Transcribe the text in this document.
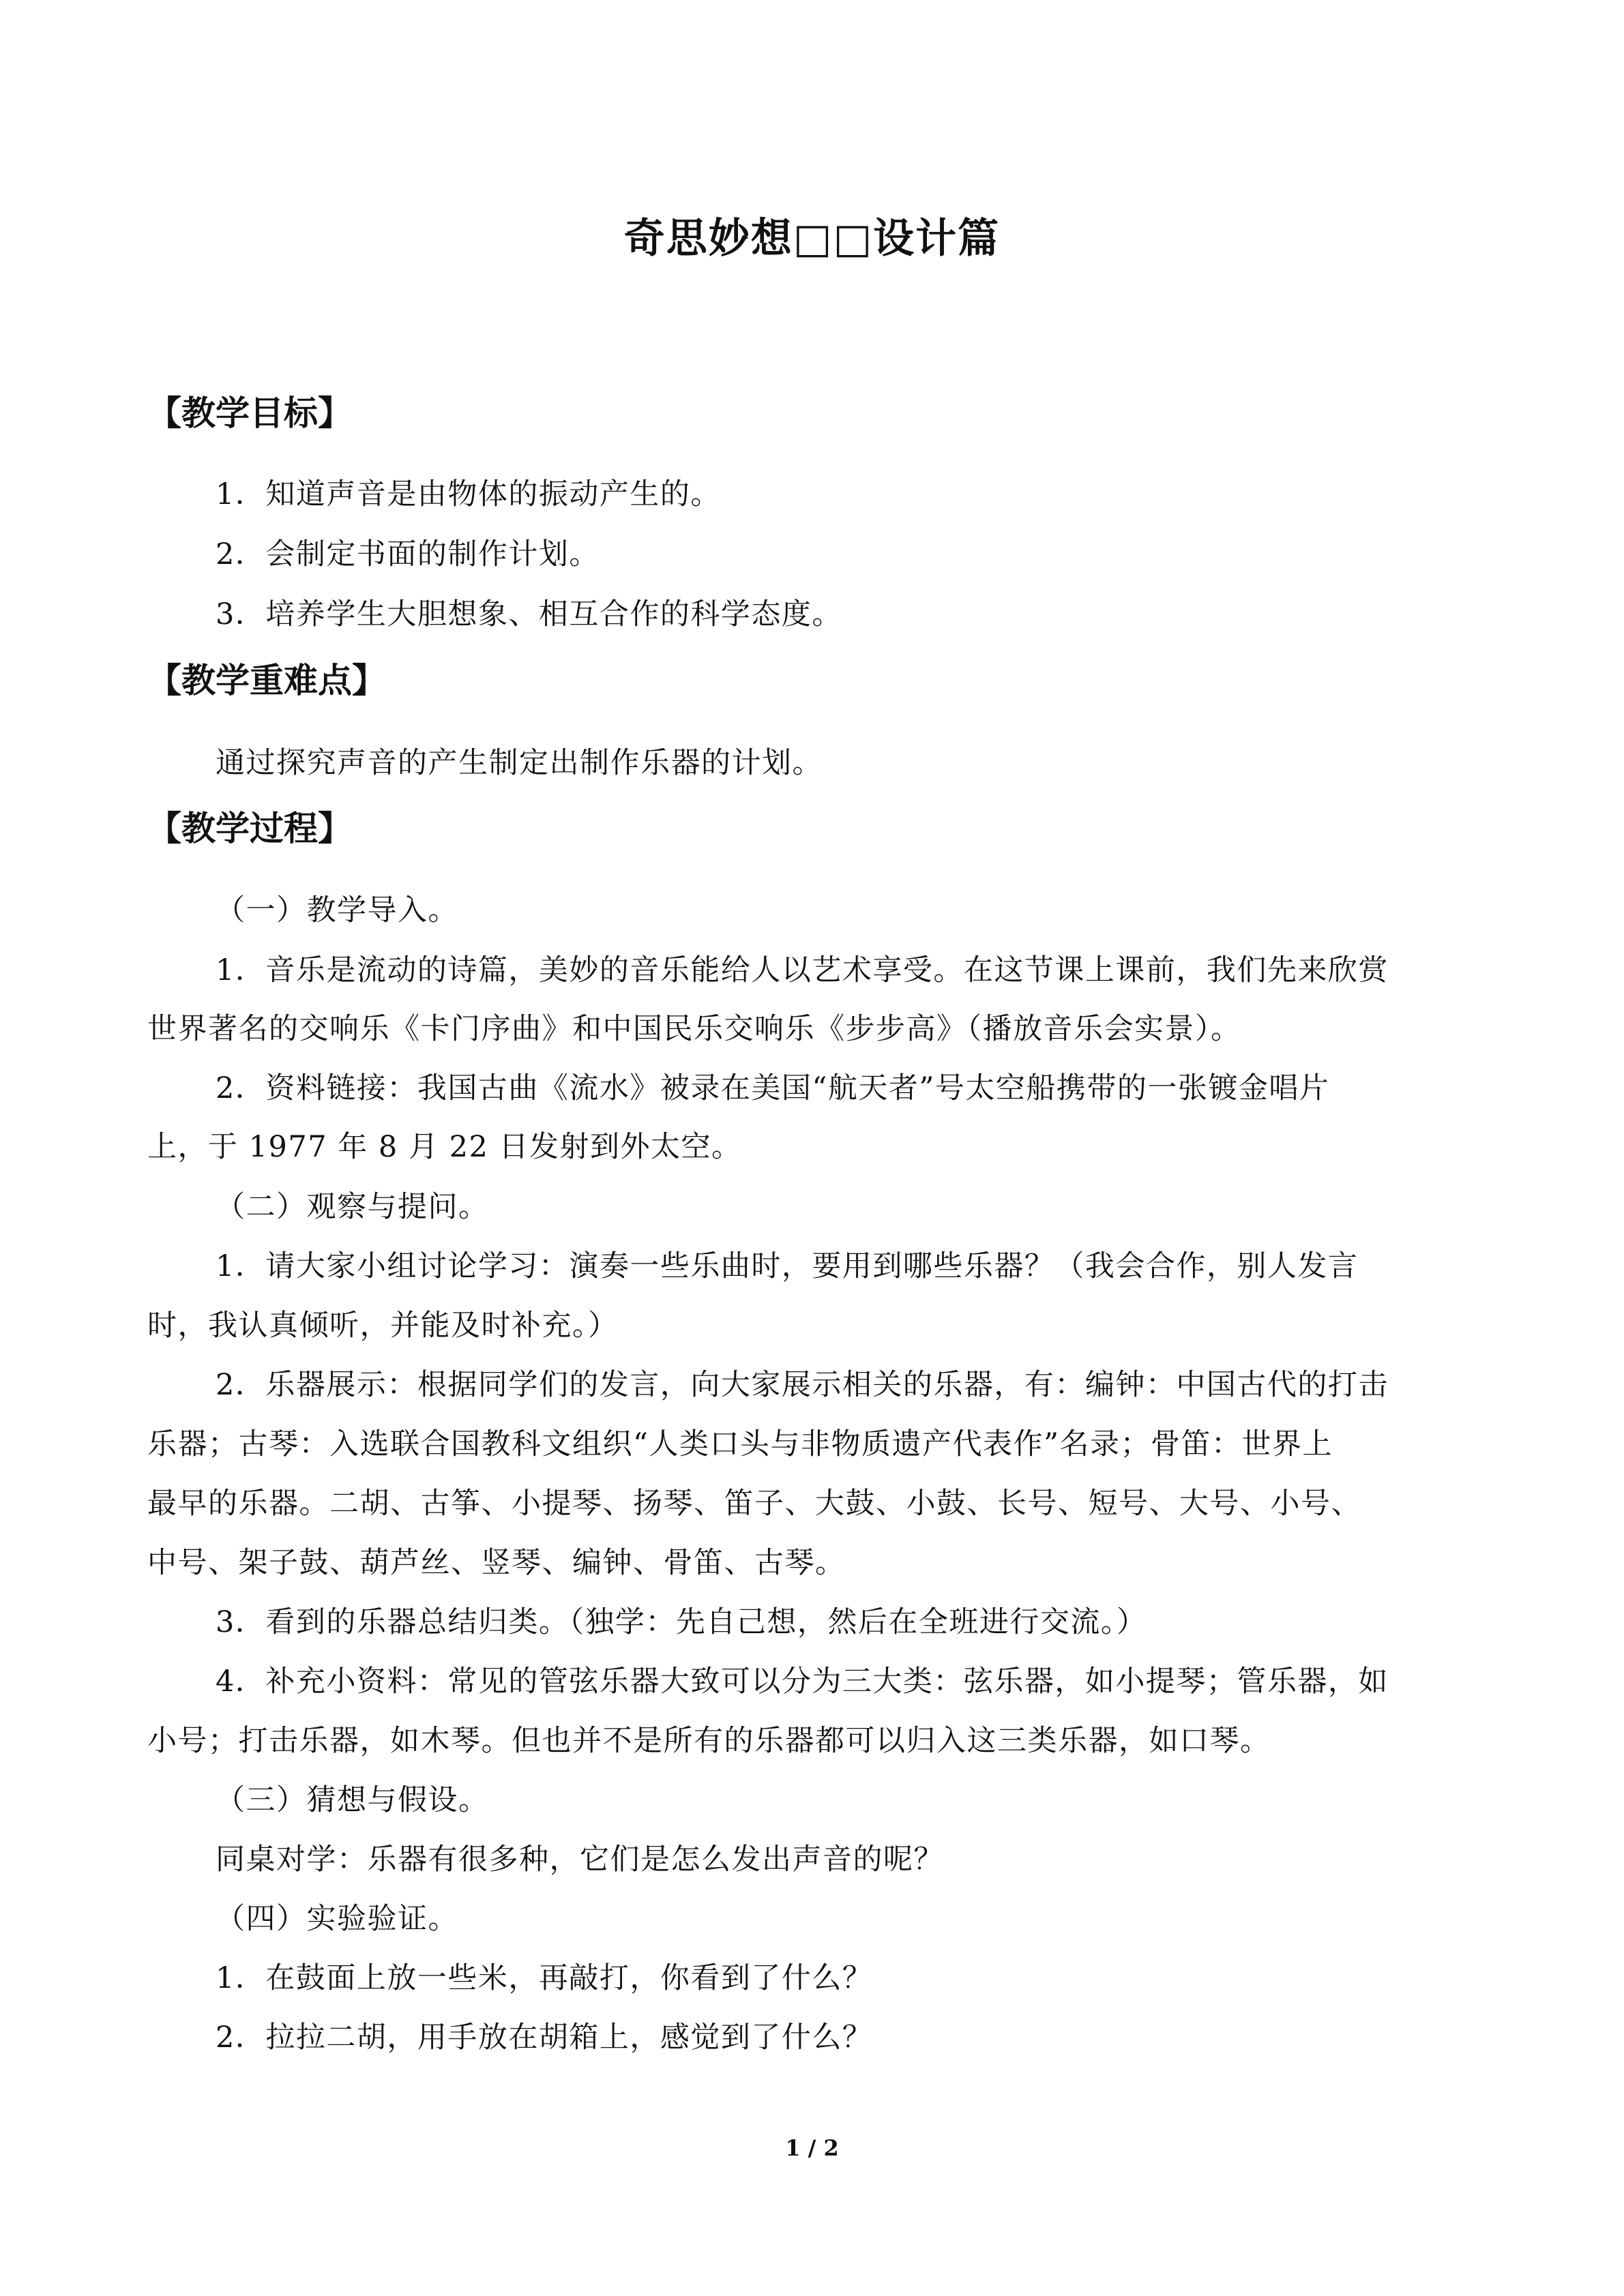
奇思妙想□□设计篇
【教学目标】
1．知道声音是由物体的振动产生的。
2．会制定书面的制作计划。
3．培养学生大胆想象、相互合作的科学态度。
【教学重难点】
通过探究声音的产生制定出制作乐器的计划。
【教学过程】
（一）教学导入。
1．音乐是流动的诗篇，美妙的音乐能给人以艺术享受。在这节课上课前，我们先来欣赏
世界著名的交响乐《卡门序曲》和中国民乐交响乐《步步高》（播放音乐会实景）。
2．资料链接：我国古曲《流水》被录在美国“航天者”号太空船携带的一张镀金唱片
上，于 1977 年 8 月 22 日发射到外太空。
（二）观察与提问。
1．请大家小组讨论学习：演奏一些乐曲时，要用到哪些乐器？（我会合作，别人发言
时，我认真倾听，并能及时补充。）
2．乐器展示：根据同学们的发言，向大家展示相关的乐器，有：编钟：中国古代的打击
乐器；古琴：入选联合国教科文组织“人类口头与非物质遗产代表作”名录；骨笛：世界上
最早的乐器。二胡、古筝、小提琴、扬琴、笛子、大鼓、小鼓、长号、短号、大号、小号、
中号、架子鼓、葫芦丝、竖琴、编钟、骨笛、古琴。
3．看到的乐器总结归类。（独学：先自己想，然后在全班进行交流。）
4．补充小资料：常见的管弦乐器大致可以分为三大类：弦乐器，如小提琴；管乐器，如
小号；打击乐器，如木琴。但也并不是所有的乐器都可以归入这三类乐器，如口琴。
（三）猜想与假设。
同桌对学：乐器有很多种，它们是怎么发出声音的呢？
（四）实验验证。
1．在鼓面上放一些米，再敲打，你看到了什么？
2．拉拉二胡，用手放在胡箱上，感觉到了什么？
1 / 2
